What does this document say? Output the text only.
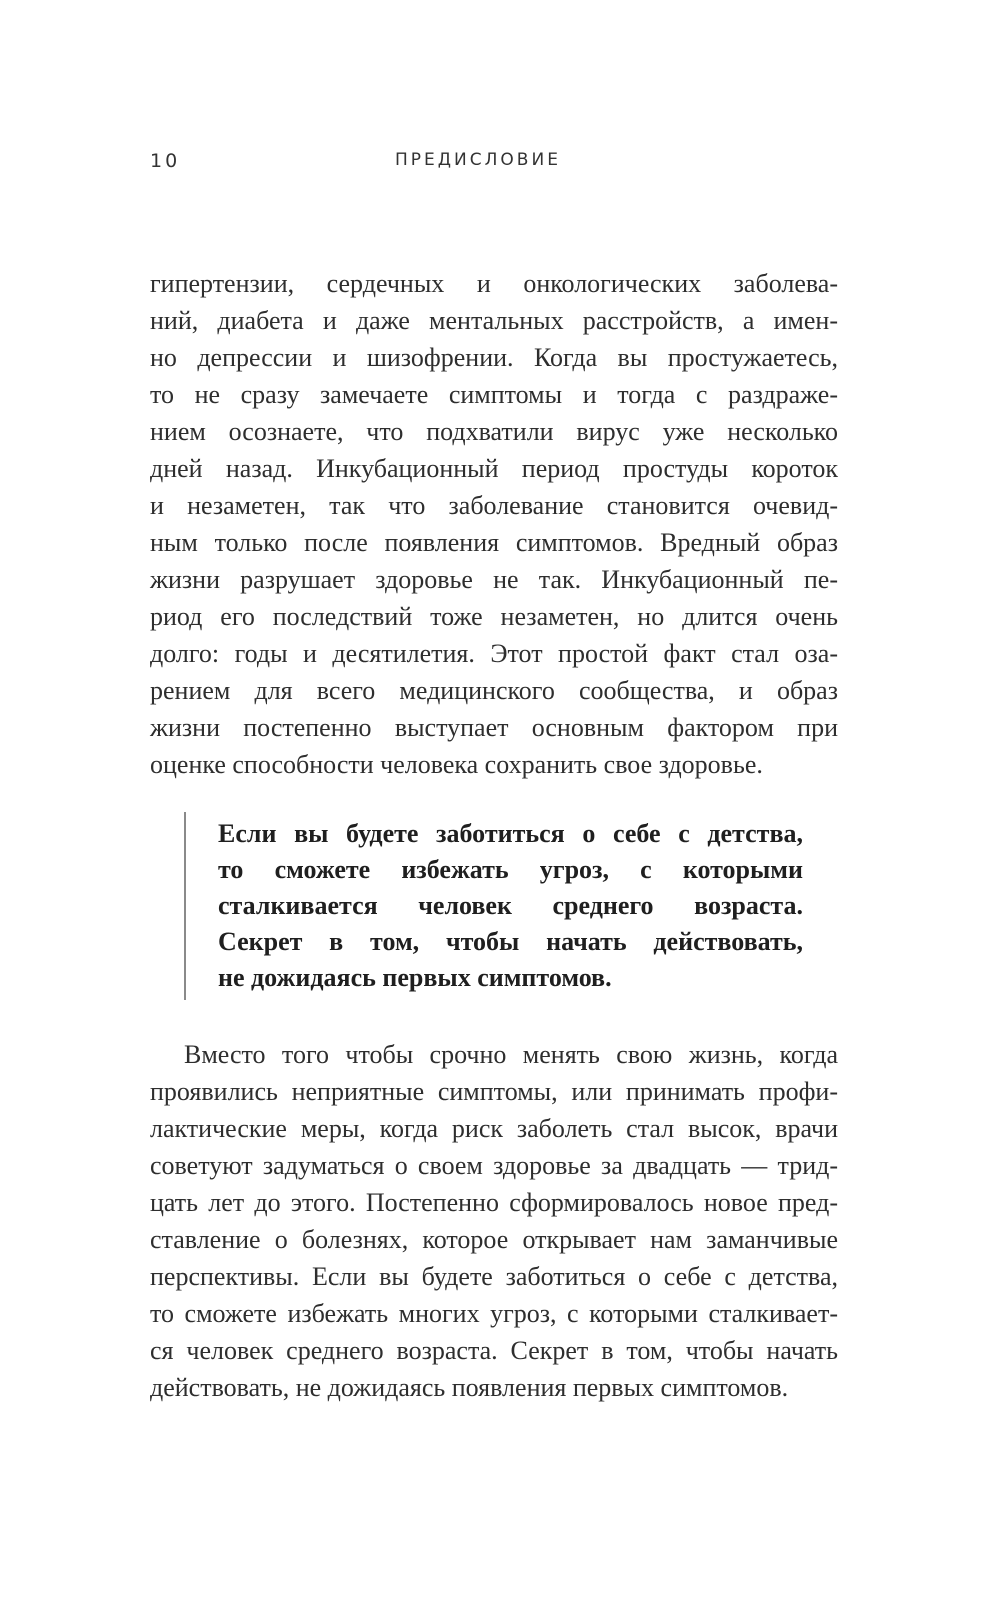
10	ПРЕДИСЛОВИЕ
гипертензии, сердечных и онкологических заболева-
ний, диабета и даже ментальных расстройств, а имен-
но депрессии и шизофрении. Когда вы простужаетесь,
то не сразу замечаете симптомы и тогда с раздраже-
нием осознаете, что подхватили вирус уже несколько
дней назад. Инкубационный период простуды короток
и незаметен, так что заболевание становится очевид-
ным только после появления симптомов. Вредный образ
жизни разрушает здоровье не так. Инкубационный пе-
риод его последствий тоже незаметен, но длится очень
долго: годы и десятилетия. Этот простой факт стал оза-
рением для всего медицинского сообщества, и образ
жизни постепенно выступает основным фактором при
оценке способности человека сохранить свое здоровье.
Если вы будете заботиться о себе с детства,
то сможете избежать угроз, с которыми
сталкивается человек среднего возраста.
Секрет в том, чтобы начать действовать,
не дожидаясь первых симптомов.
Вместо того чтобы срочно менять свою жизнь, когда
проявились неприятные симптомы, или принимать профи-
лактические меры, когда риск заболеть стал высок, врачи
советуют задуматься о своем здоровье за двадцать — трид-
цать лет до этого. Постепенно сформировалось новое пред-
ставление о болезнях, которое открывает нам заманчивые
перспективы. Если вы будете заботиться о себе с детства,
то сможете избежать многих угроз, с которыми сталкивает-
ся человек среднего возраста. Секрет в том, чтобы начать
действовать, не дожидаясь появления первых симптомов.
